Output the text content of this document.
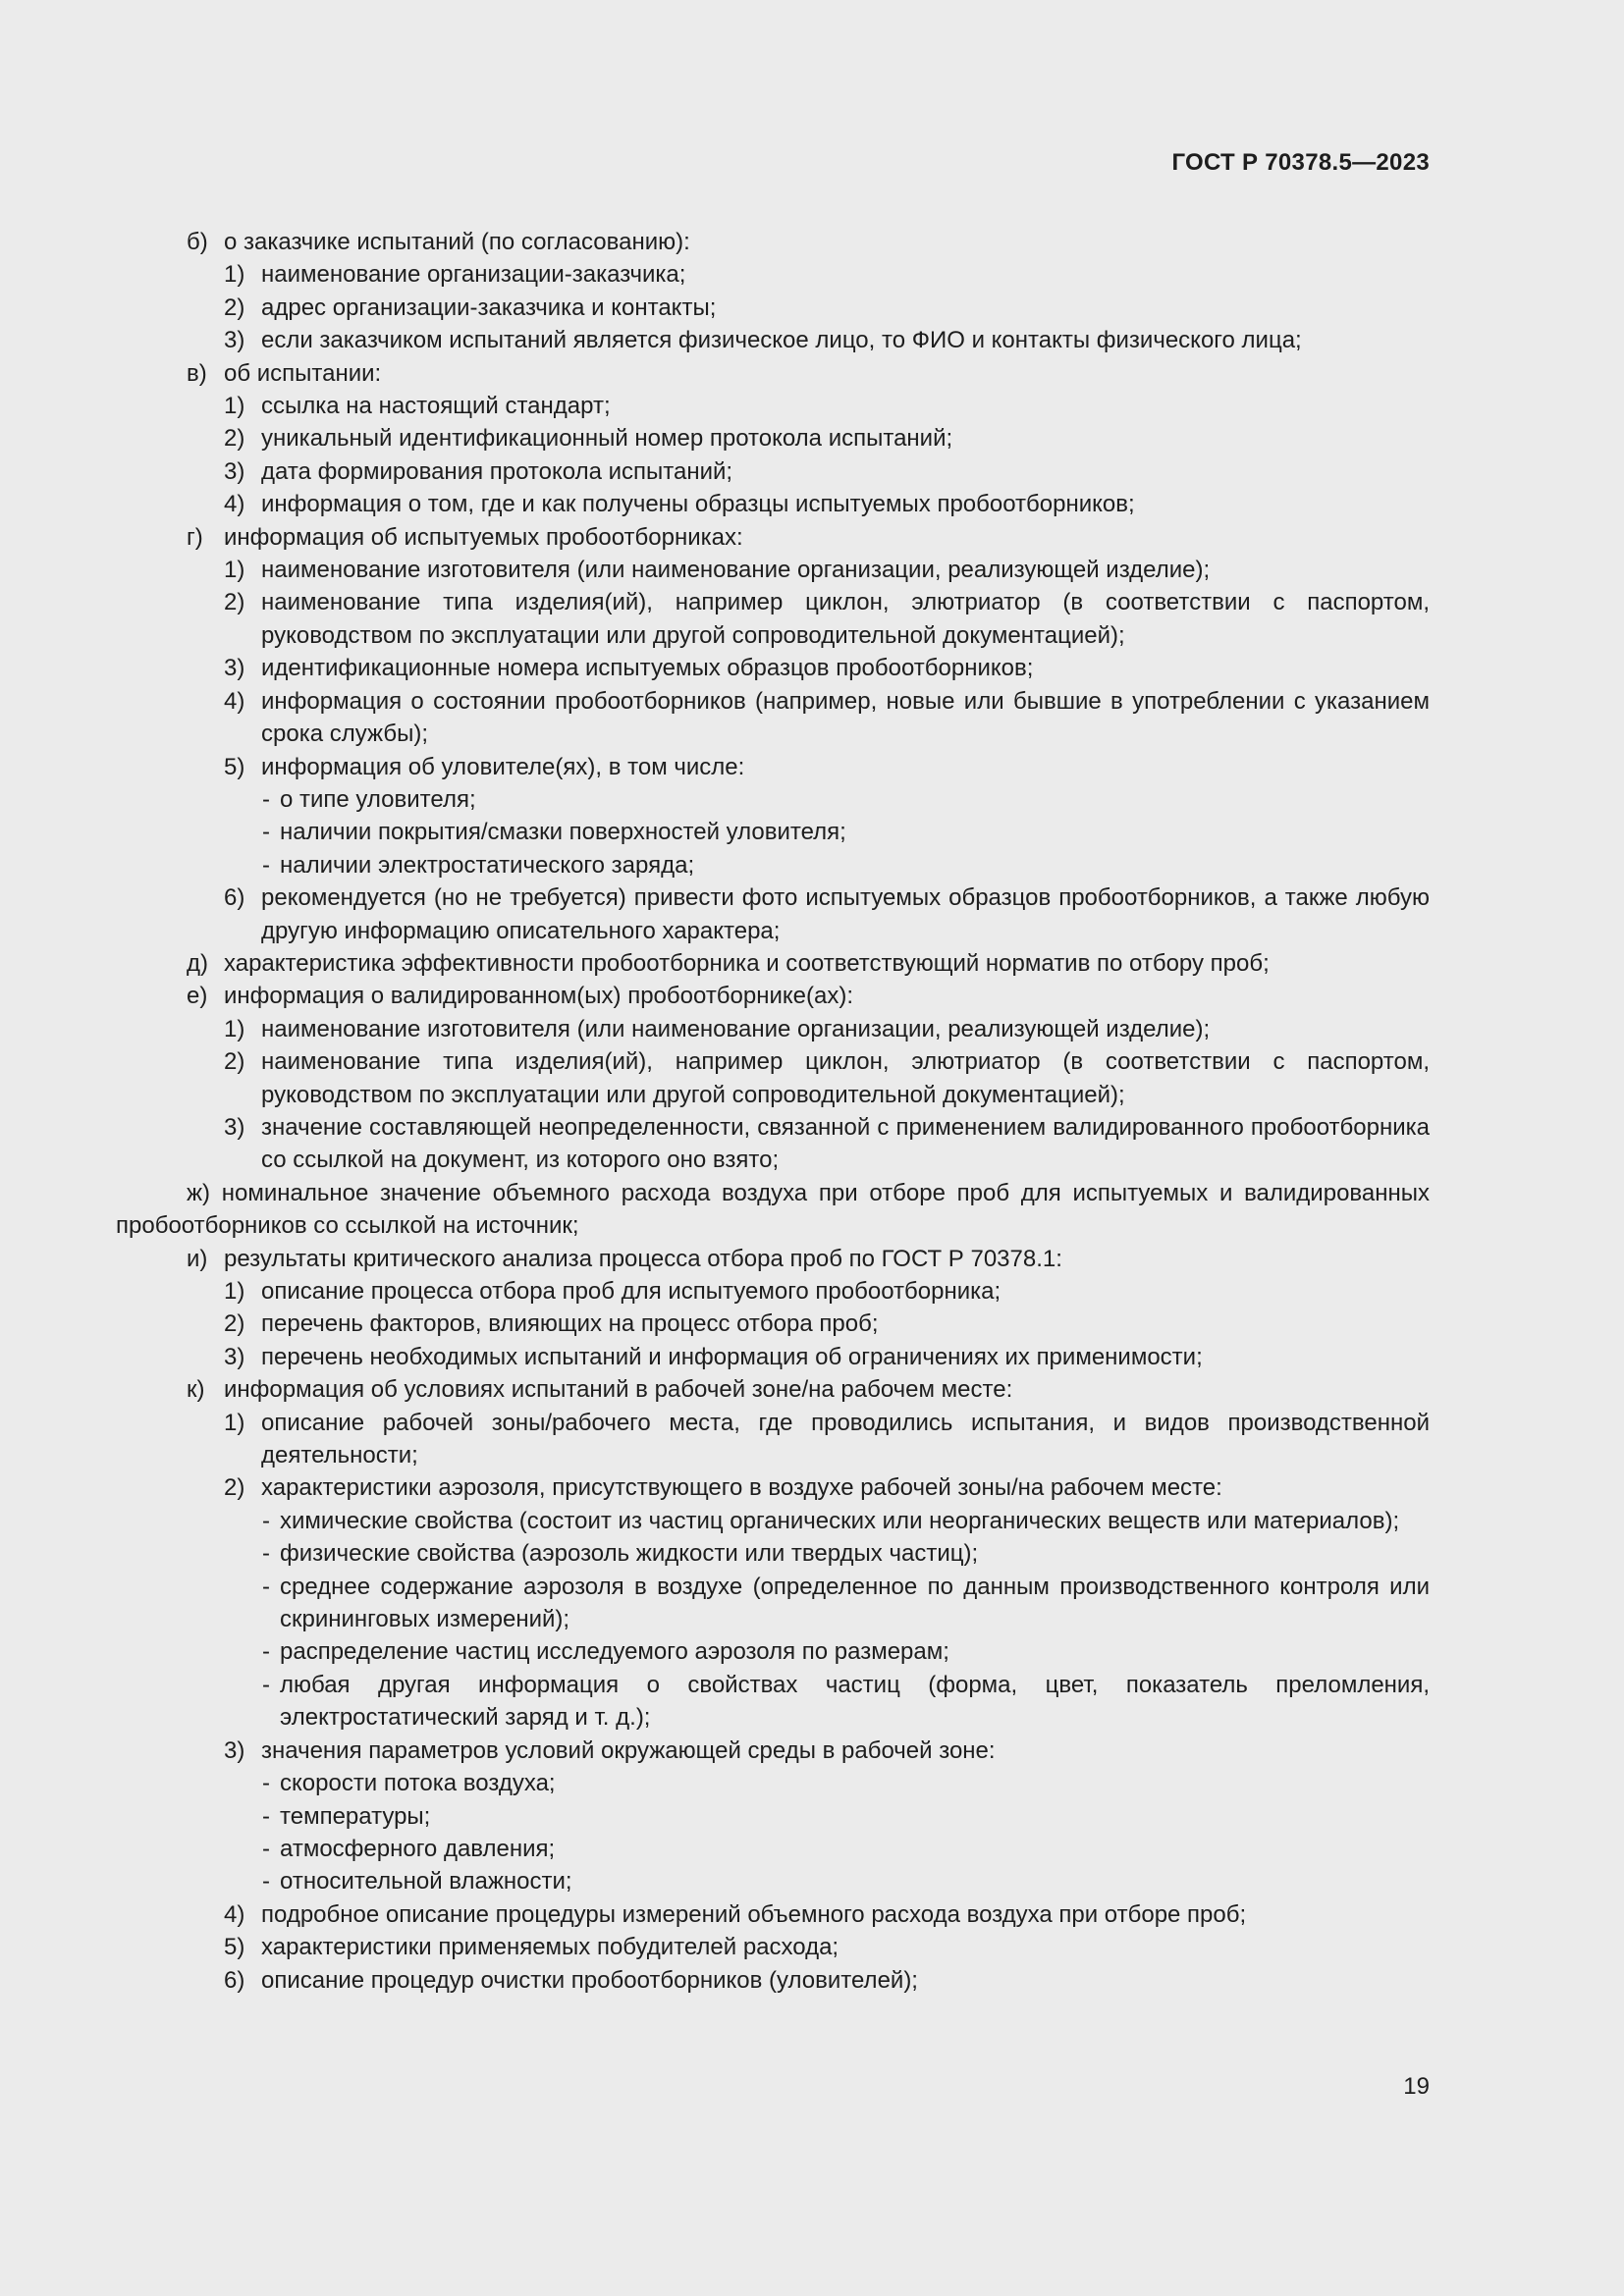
ГОСТ Р 70378.5—2023
б) о заказчике испытаний (по согласованию):
1) наименование организации-заказчика;
2) адрес организации-заказчика и контакты;
3) если заказчиком испытаний является физическое лицо, то ФИО и контакты физического лица;
в) об испытании:
1) ссылка на настоящий стандарт;
2) уникальный идентификационный номер протокола испытаний;
3) дата формирования протокола испытаний;
4) информация о том, где и как получены образцы испытуемых пробоотборников;
г) информация об испытуемых пробоотборниках:
1) наименование изготовителя (или наименование организации, реализующей изделие);
2) наименование типа изделия(ий), например циклон, элютриатор (в соответствии с паспортом, руководством по эксплуатации или другой сопроводительной документацией);
3) идентификационные номера испытуемых образцов пробоотборников;
4) информация о состоянии пробоотборников (например, новые или бывшие в употреблении с указанием срока службы);
5) информация об уловителе(ях), в том числе:
- о типе уловителя;
- наличии покрытия/смазки поверхностей уловителя;
- наличии электростатического заряда;
6) рекомендуется (но не требуется) привести фото испытуемых образцов пробоотборников, а также любую другую информацию описательного характера;
д) характеристика эффективности пробоотборника и соответствующий норматив по отбору проб;
е) информация о валидированном(ых) пробоотборнике(ах):
1) наименование изготовителя (или наименование организации, реализующей изделие);
2) наименование типа изделия(ий), например циклон, элютриатор (в соответствии с паспортом, руководством по эксплуатации или другой сопроводительной документацией);
3) значение составляющей неопределенности, связанной с применением валидированного пробоотборника со ссылкой на документ, из которого оно взято;
ж) номинальное значение объемного расхода воздуха при отборе проб для испытуемых и валидированных пробоотборников со ссылкой на источник;
и) результаты критического анализа процесса отбора проб по ГОСТ Р 70378.1:
1) описание процесса отбора проб для испытуемого пробоотборника;
2) перечень факторов, влияющих на процесс отбора проб;
3) перечень необходимых испытаний и информация об ограничениях их применимости;
к) информация об условиях испытаний в рабочей зоне/на рабочем месте:
1) описание рабочей зоны/рабочего места, где проводились испытания, и видов производственной деятельности;
2) характеристики аэрозоля, присутствующего в воздухе рабочей зоны/на рабочем месте:
- химические свойства (состоит из частиц органических или неорганических веществ или материалов);
- физические свойства (аэрозоль жидкости или твердых частиц);
- среднее содержание аэрозоля в воздухе (определенное по данным производственного контроля или скрининговых измерений);
- распределение частиц исследуемого аэрозоля по размерам;
- любая другая информация о свойствах частиц (форма, цвет, показатель преломления, электростатический заряд и т. д.);
3) значения параметров условий окружающей среды в рабочей зоне:
- скорости потока воздуха;
- температуры;
- атмосферного давления;
- относительной влажности;
4) подробное описание процедуры измерений объемного расхода воздуха при отборе проб;
5) характеристики применяемых побудителей расхода;
6) описание процедур очистки пробоотборников (уловителей);
19
